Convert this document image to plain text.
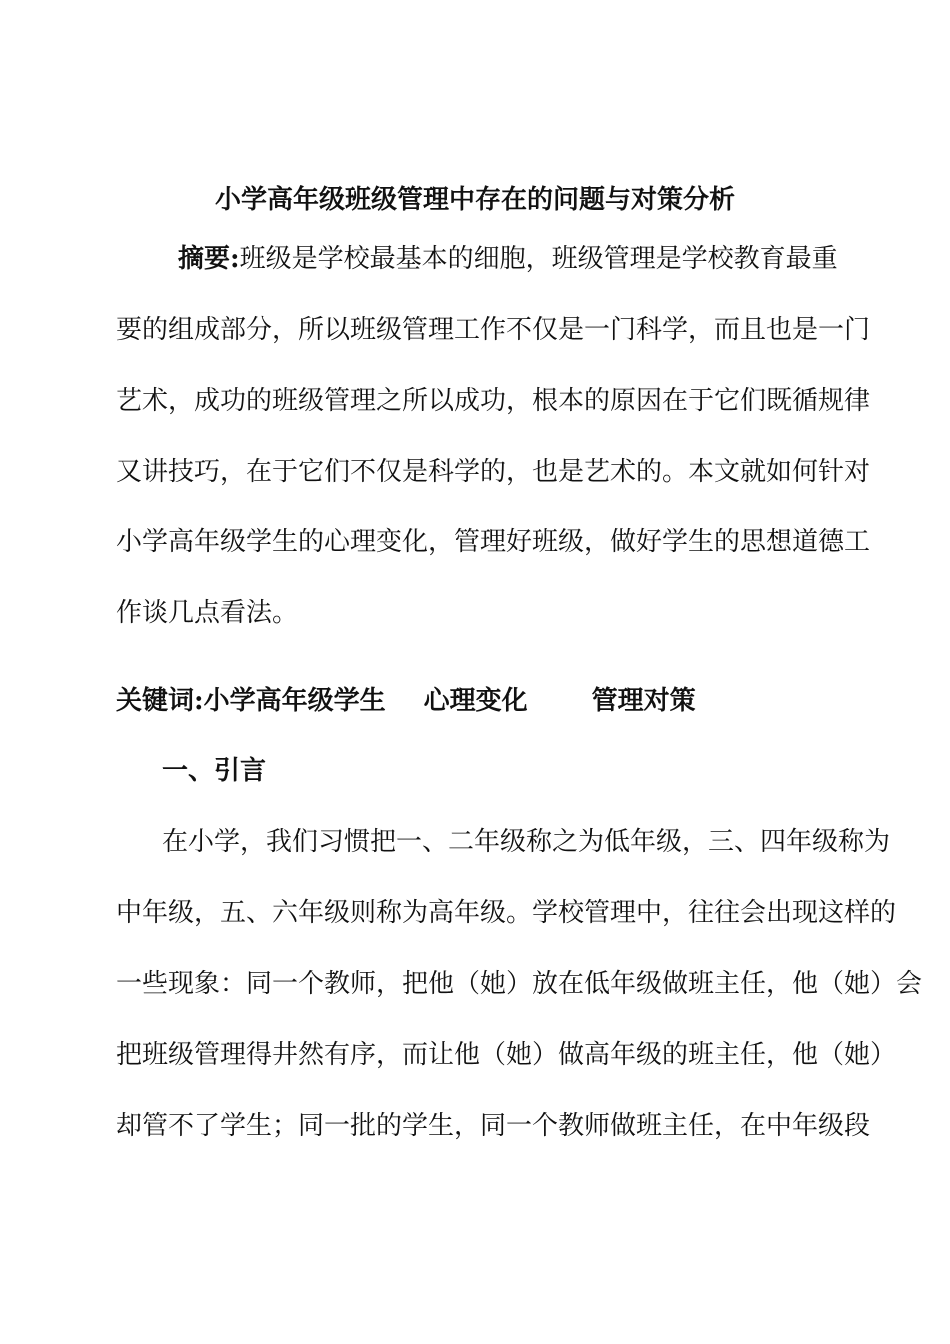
小学高年级班级管理中存在的问题与对策分析
摘要:班级是学校最基本的细胞，班级管理是学校教育最重
要的组成部分，所以班级管理工作不仅是一门科学，而且也是一门
艺术，成功的班级管理之所以成功，根本的原因在于它们既循规律
又讲技巧，在于它们不仅是科学的，也是艺术的。本文就如何针对
小学高年级学生的心理变化，管理好班级，做好学生的思想道德工
作谈几点看法。
关键词:小学高年级学生 心理变化 管理对策
一、引言
在小学，我们习惯把一、二年级称之为低年级，三、四年级称为
中年级，五、六年级则称为高年级。学校管理中，往往会出现这样的
一些现象：同一个教师，把他（她）放在低年级做班主任，他（她）会
把班级管理得井然有序，而让他（她）做高年级的班主任，他（她）
却管不了学生；同一批的学生，同一个教师做班主任，在中年级段
